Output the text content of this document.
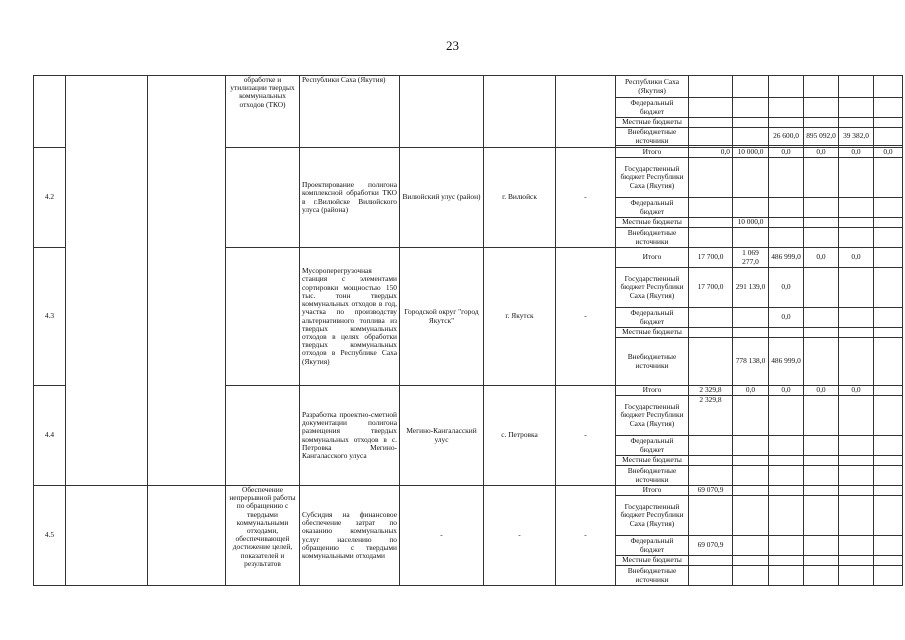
23
			обработке и утилизации твердых коммунальных отходов (ТКО)	Республики Саха (Якутия)				Республики Саха (Якутия)						
								Федеральный бюджет						
								Местные бюджеты						
								Внебюджетные источники			26 600,0	895 092,0	39 382,0	

4.2				Проектирование полигона комплексной обработки ТКО в г.Вилюйске Вилюйского улуса (района)	Вилюйский улус (район)	г. Вилюйск	-	Итого	0,0	10 000,0	0,0	0,0	0,0	0,0
								Государственный бюджет Республики Саха (Якутия)						
								Федеральный бюджет						
								Местные бюджеты		10 000,0				
								Внебюджетные источники						
4.3				Мусороперегрузочная станция с элементами сортировки мощностью 150 тыс. тонн твердых коммунальных отходов в год, участка по производству альтернативного топлива из твердых коммунальных отходов в целях обработки твердых коммунальных отходов в Республике Саха (Якутия)	Городской округ "город Якутск"	г. Якутск	-	Итого	17 700,0	1 069 277,0	486 999,0	0,0	0,0	
								Государственный бюджет Республики Саха (Якутия)	17 700,0	291 139,0	0,0			
								Федеральный бюджет			0,0			
								Местные бюджеты						
								Внебюджетные источники		778 138,0	486 999,0			
4.4				Разработка проектно-сметной документации полигона размещения твердых коммунальных отходов в с. Петровка Мегино-Кангаласского улуса	Мегино-Кангаласский улус	с. Петровка	-	Итого	2 329,8	0,0	0,0	0,0	0,0	
								Государственный бюджет Республики Саха (Якутия)	2 329,8					
								Федеральный бюджет						
								Местные бюджеты						
								Внебюджетные источники						
4.5			Обеспечение непрерывной работы по обращению с твердыми коммунальными отходами, обеспечивающей достижение целей, показателей и результатов	Субсидия на финансовое обеспечение затрат по оказанию коммунальных услуг населению по обращению с твердыми коммунальными отходами	-	-	-	Итого	69 070,9					
								Государственный бюджет Республики Саха (Якутия)						
								Федеральный бюджет	69 070,9					
								Местные бюджеты						
								Внебюджетные источники						
